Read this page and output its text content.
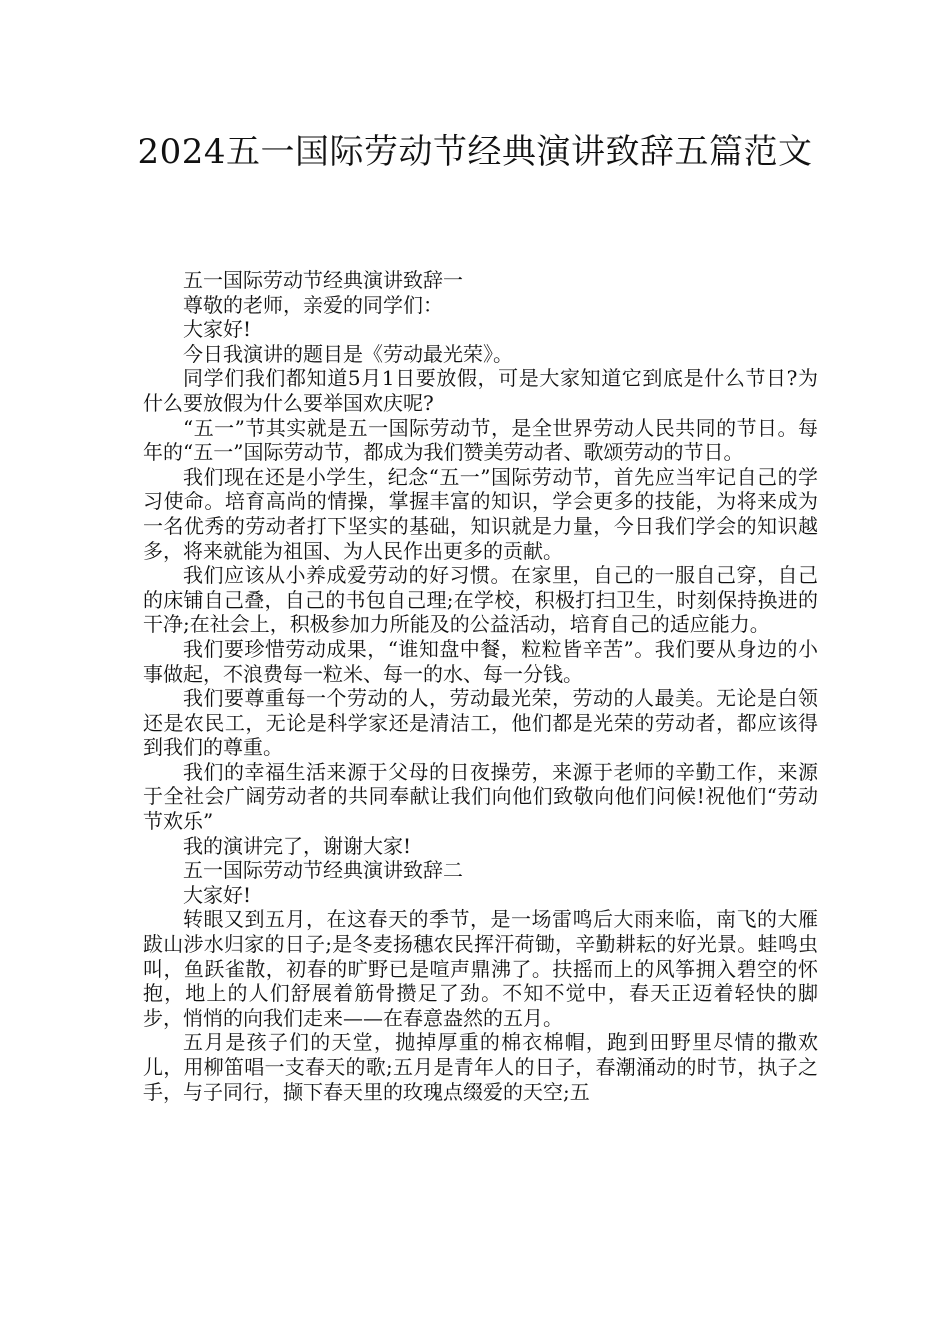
2024五一国际劳动节经典演讲致辞五篇范文

五一国际劳动节经典演讲致辞一

尊敬的老师，亲爱的同学们：

大家好!

今日我演讲的题目是《劳动最光荣》。

同学们我们都知道5月1日要放假，可是大家知道它到底是什么节日?为什么要放假为什么要举国欢庆呢?

“五一”节其实就是五一国际劳动节，是全世界劳动人民共同的节日。每年的“五一”国际劳动节，都成为我们赞美劳动者、歌颂劳动的节日。

我们现在还是小学生，纪念“五一”国际劳动节，首先应当牢记自己的学习使命。培育高尚的情操，掌握丰富的知识，学会更多的技能，为将来成为一名优秀的劳动者打下坚实的基础，知识就是力量，今日我们学会的知识越多，将来就能为祖国、为人民作出更多的贡献。

我们应该从小养成爱劳动的好习惯。在家里，自己的一服自己穿，自己的床铺自己叠，自己的书包自己理;在学校，积极打扫卫生，时刻保持换进的干净;在社会上，积极参加力所能及的公益活动，培育自己的适应能力。

我们要珍惜劳动成果，“谁知盘中餐，粒粒皆辛苦”。我们要从身边的小事做起，不浪费每一粒米、每一的水、每一分钱。

我们要尊重每一个劳动的人，劳动最光荣，劳动的人最美。无论是白领还是农民工，无论是科学家还是清洁工，他们都是光荣的劳动者，都应该得到我们的尊重。

我们的幸福生活来源于父母的日夜操劳，来源于老师的辛勤工作，来源于全社会广阔劳动者的共同奉献让我们向他们致敬向他们问候!祝他们“劳动节欢乐”

我的演讲完了，谢谢大家!

五一国际劳动节经典演讲致辞二

大家好!

转眼又到五月，在这春天的季节，是一场雷鸣后大雨来临，南飞的大雁跋山涉水归家的日子;是冬麦扬穗农民挥汗荷锄，辛勤耕耘的好光景。蛙鸣虫叫，鱼跃雀散，初春的旷野已是喧声鼎沸了。扶摇而上的风筝拥入碧空的怀抱，地上的人们舒展着筋骨攒足了劲。不知不觉中，春天正迈着轻快的脚步，悄悄的向我们走来——在春意盎然的五月。

五月是孩子们的天堂，抛掉厚重的棉衣棉帽，跑到田野里尽情的撒欢儿，用柳笛唱一支春天的歌;五月是青年人的日子，春潮涌动的时节，执子之手，与子同行，撷下春天里的玫瑰点缀爱的天空;五
